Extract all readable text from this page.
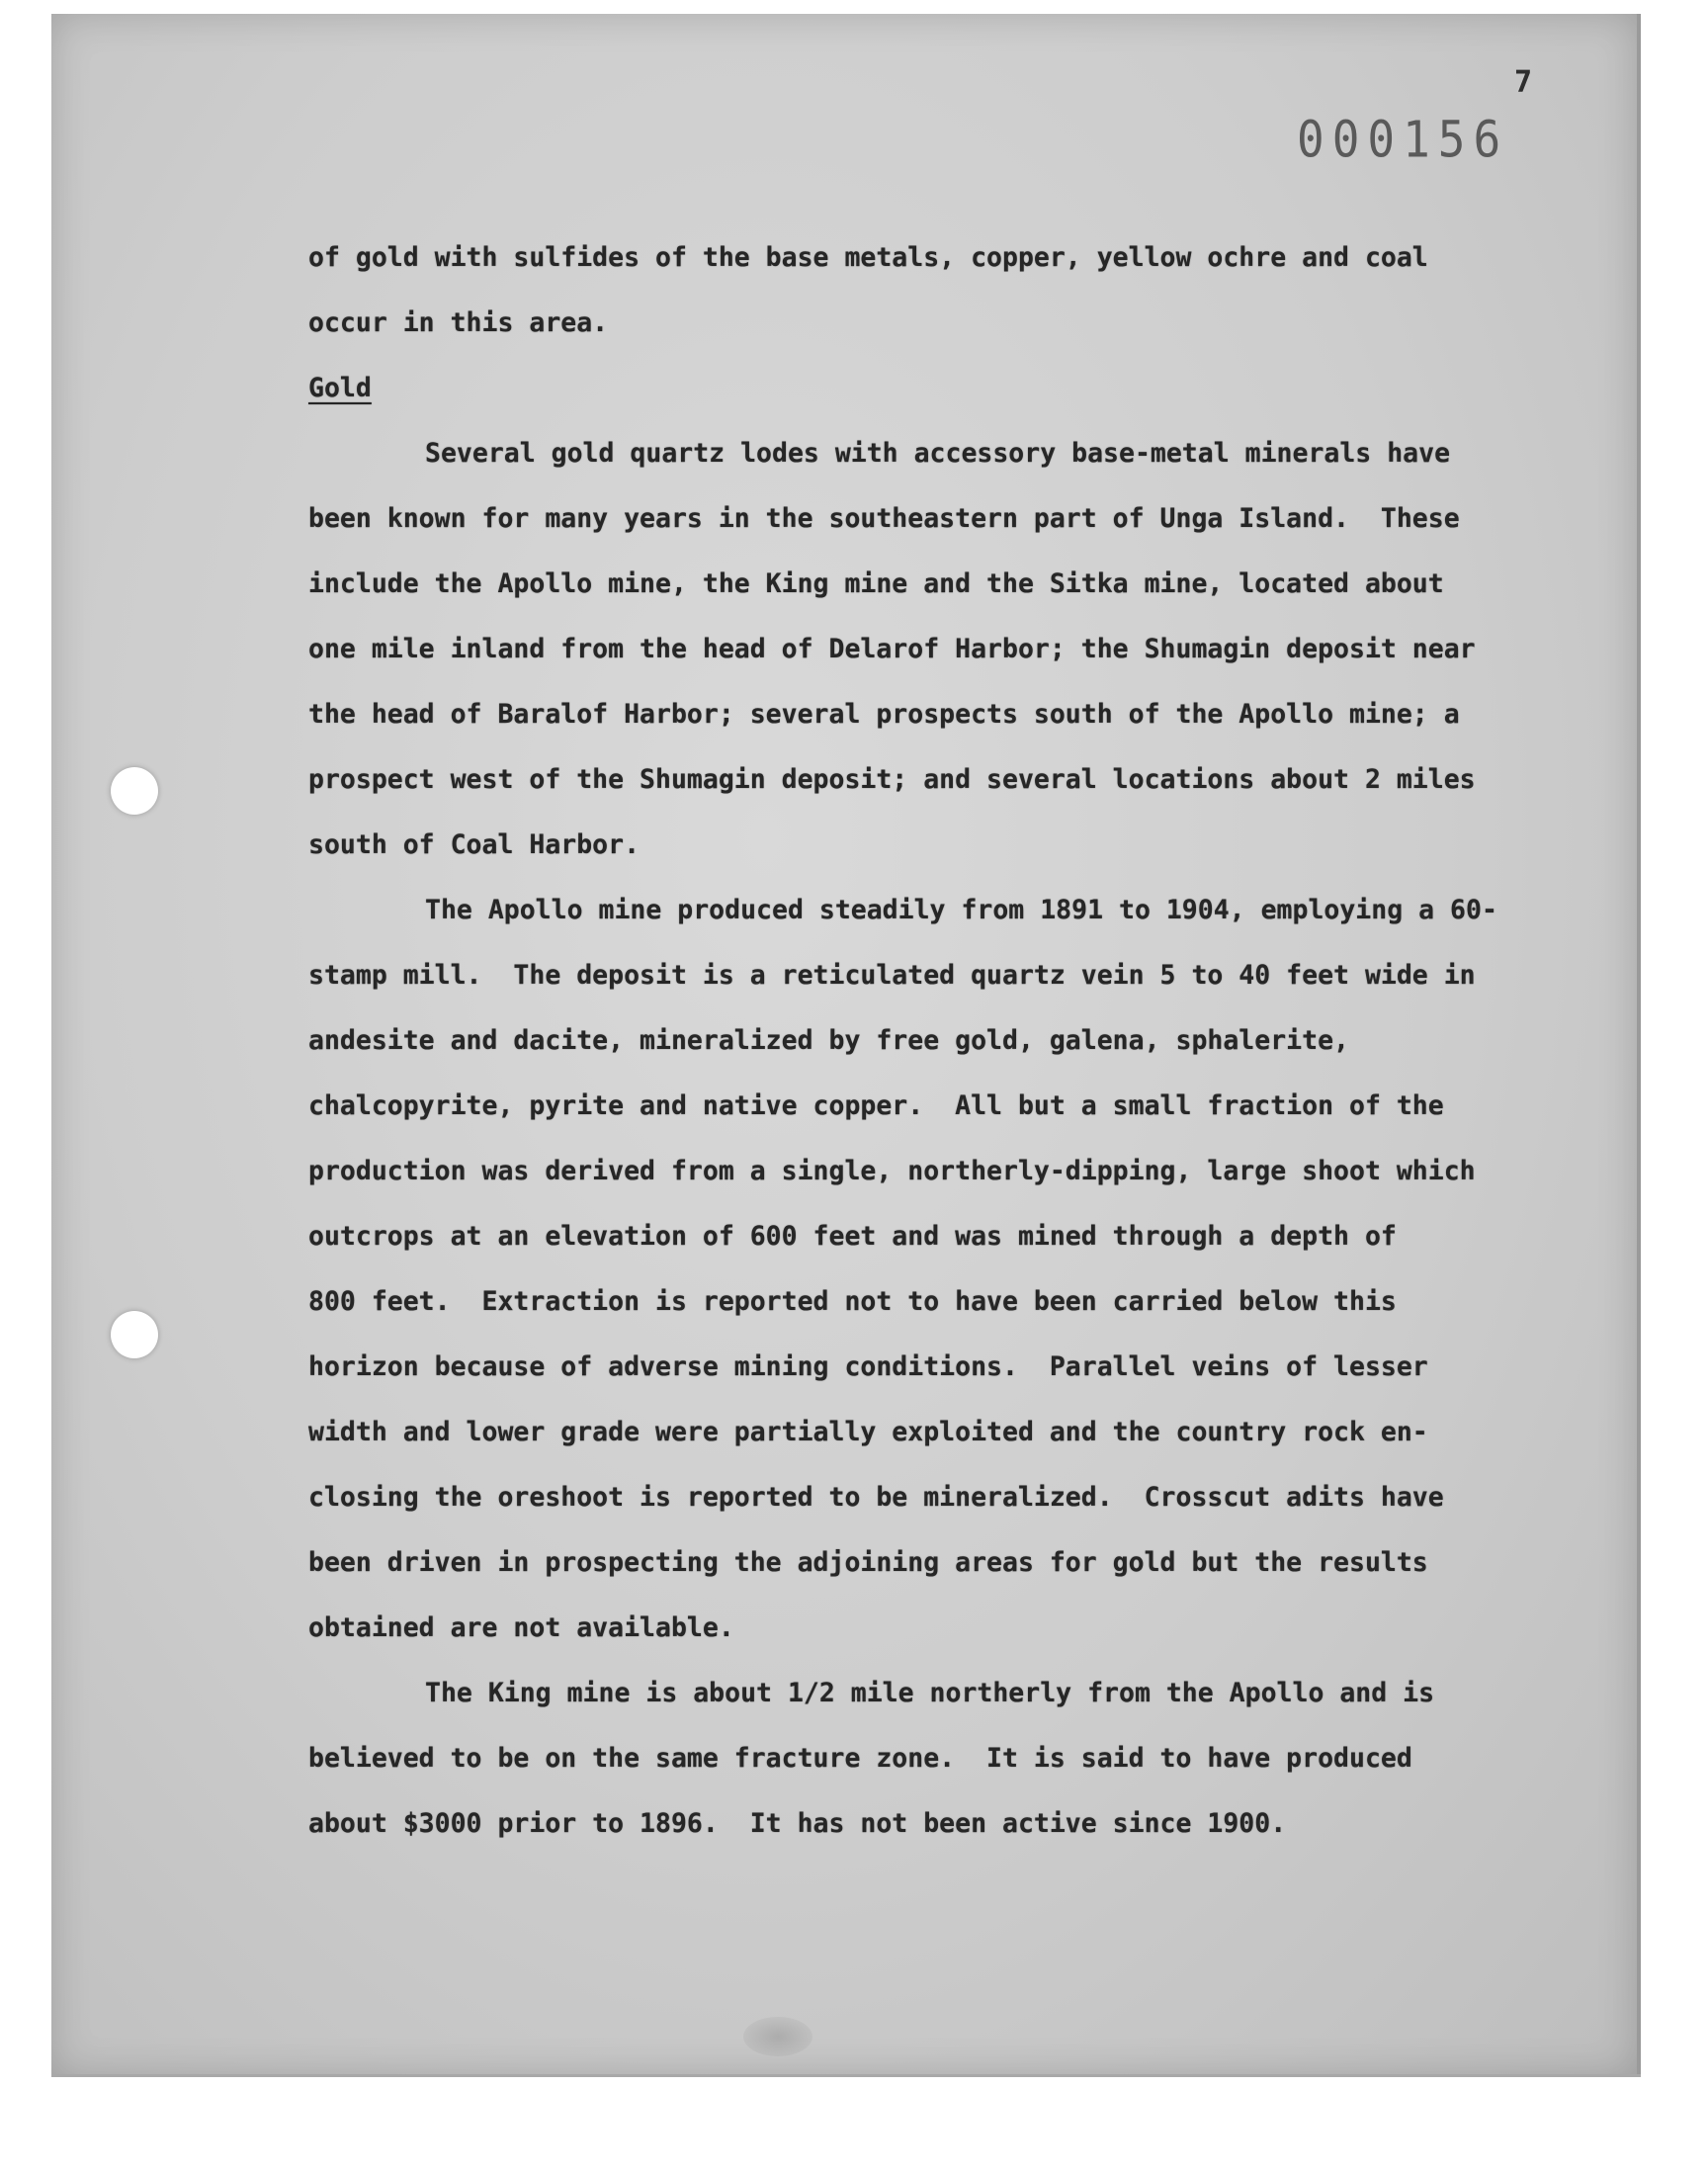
7
000156
of gold with sulfides of the base metals, copper, yellow ochre and coal
occur in this area.
Gold
Several gold quartz lodes with accessory base-metal minerals have
been known for many years in the southeastern part of Unga Island.  These
include the Apollo mine, the King mine and the Sitka mine, located about
one mile inland from the head of Delarof Harbor; the Shumagin deposit near
the head of Baralof Harbor; several prospects south of the Apollo mine; a
prospect west of the Shumagin deposit; and several locations about 2 miles
south of Coal Harbor.
The Apollo mine produced steadily from 1891 to 1904, employing a 60-
stamp mill.  The deposit is a reticulated quartz vein 5 to 40 feet wide in
andesite and dacite, mineralized by free gold, galena, sphalerite,
chalcopyrite, pyrite and native copper.  All but a small fraction of the
production was derived from a single, northerly-dipping, large shoot which
outcrops at an elevation of 600 feet and was mined through a depth of
800 feet.  Extraction is reported not to have been carried below this
horizon because of adverse mining conditions.  Parallel veins of lesser
width and lower grade were partially exploited and the country rock en-
closing the oreshoot is reported to be mineralized.  Crosscut adits have
been driven in prospecting the adjoining areas for gold but the results
obtained are not available.
The King mine is about 1/2 mile northerly from the Apollo and is
believed to be on the same fracture zone.  It is said to have produced
about $3000 prior to 1896.  It has not been active since 1900.
